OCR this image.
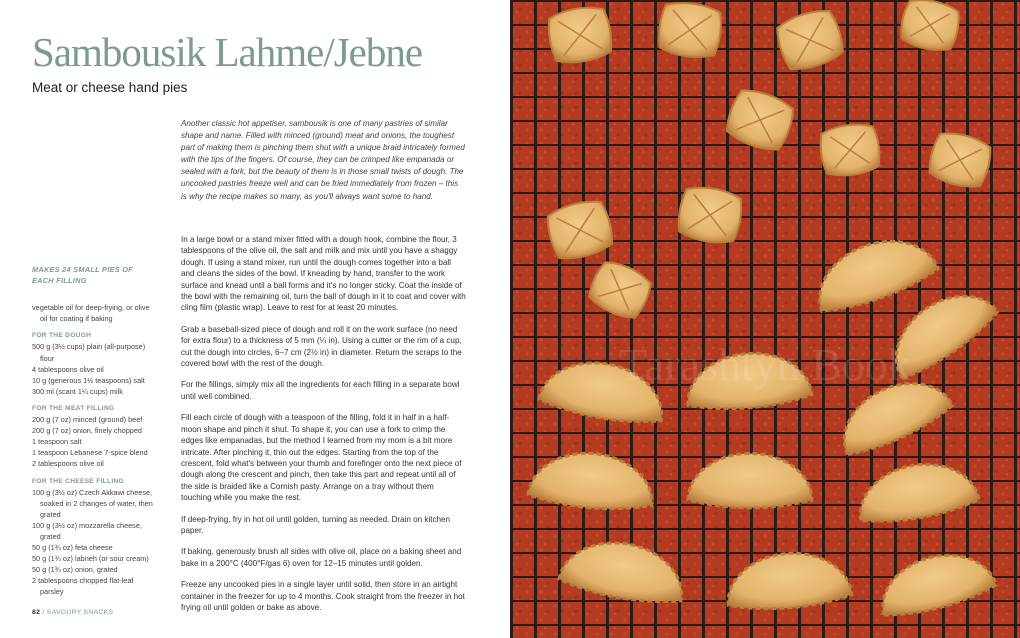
Sambousik Lahme/Jebne
Meat or cheese hand pies
Another classic hot appetiser, sambousik is one of many pastries of similar shape and name. Filled with minced (ground) meat and onions, the toughest part of making them is pinching them shut with a unique braid intricately formed with the tips of the fingers. Of course, they can be crimped like empanada or sealed with a fork, but the beauty of them is in those small twists of dough. The uncooked pastries freeze well and can be fried immediately from frozen – this is why the recipe makes so many, as you'll always want some to hand.
MAKES 24 SMALL PIES OF EACH FILLING

vegetable oil for deep-frying, or olive oil for coating if baking

FOR THE DOUGH

500 g (3½ cups) plain (all-purpose) flour

4 tablespoons olive oil

10 g (generous 1½ teaspoons) salt

300 ml (scant 1¼ cups) milk

FOR THE MEAT FILLING

200 g (7 oz) minced (ground) beef

200 g (7 oz) onion, finely chopped

1 teaspoon salt

1 teaspoon Lebanese 7-spice blend

2 tablespoons olive oil

FOR THE CHEESE FILLING

100 g (3½ oz) Czech Akkawi cheese, soaked in 2 changes of water, then grated

100 g (3½ oz) mozzarella cheese, grated

50 g (1¾ oz) feta cheese

50 g (1¾ oz) labneh (or sour cream)

50 g (1¾ oz) onion, grated

2 tablespoons chopped flat-leaf parsley

In a large bowl or a stand mixer fitted with a dough hook, combine the flour, 3 tablespoons of the olive oil, the salt and milk and mix until you have a shaggy dough. If using a stand mixer, run until the dough comes together into a ball and cleans the sides of the bowl. If kneading by hand, transfer to the work surface and knead until a ball forms and it's no longer sticky. Coat the inside of the bowl with the remaining oil, turn the ball of dough in it to coat and cover with cling film (plastic wrap). Leave to rest for at least 20 minutes.

Grab a baseball-sized piece of dough and roll it on the work surface (no need for extra flour) to a thickness of 5 mm (¼ in). Using a cutter or the rim of a cup, cut the dough into circles, 6–7 cm (2½ in) in diameter. Return the scraps to the covered bowl with the rest of the dough.

For the fillings, simply mix all the ingredients for each filling in a separate bowl until well combined.

Fill each circle of dough with a teaspoon of the filling, fold it in half in a half-moon shape and pinch it shut. To shape it, you can use a fork to crimp the edges like empanadas, but the method I learned from my mom is a bit more intricate. After pinching it, thin out the edges. Starting from the top of the crescent, fold what's between your thumb and forefinger onto the next piece of dough along the crescent and pinch, then take this part and repeat until all of the side is braided like a Cornish pasty. Arrange on a tray without them touching while you make the rest.

If deep-frying, fry in hot oil until golden, turning as needed. Drain on kitchen paper.

If baking, generously brush all sides with olive oil, place on a baking sheet and bake in a 200°C (400°F/gas 6) oven for 12–15 minutes until golden.

Freeze any uncooked pies in a single layer until solid, then store in an airtight container in the freezer for up to 4 months. Cook straight from the freezer in hot frying oil until golden or bake as above.

82 / SAVOURY SNACKS
Tarashtyn Book
